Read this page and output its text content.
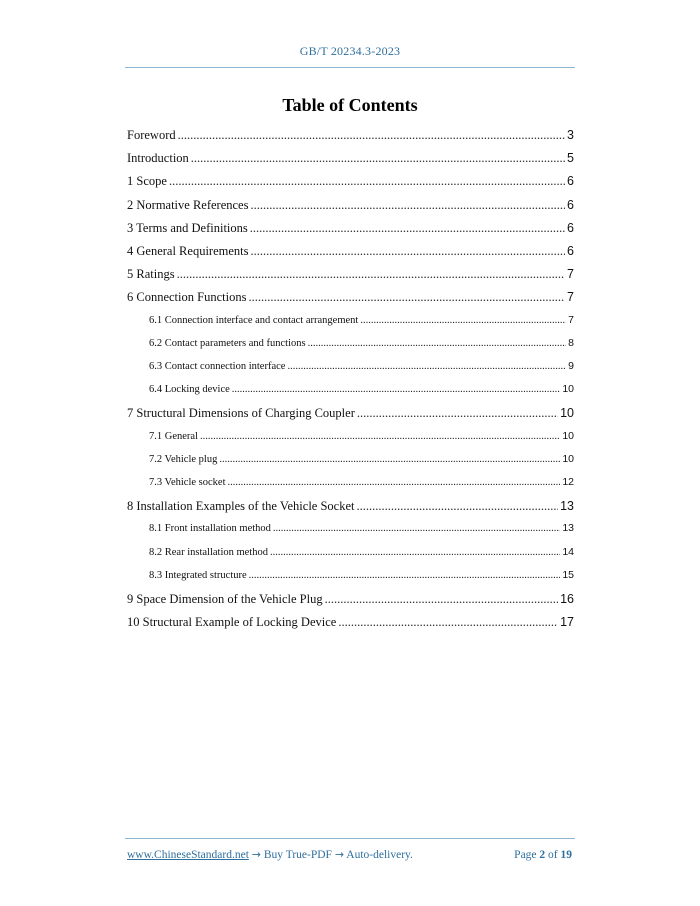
GB/T 20234.3-2023
Table of Contents
Foreword .....	3
Introduction .....	5
1 Scope .....	6
2 Normative References .....	6
3 Terms and Definitions .....	6
4 General Requirements .....	6
5 Ratings .....	7
6 Connection Functions .....	7
6.1 Connection interface and contact arrangement .....	7
6.2 Contact parameters and functions .....	8
6.3 Contact connection interface .....	9
6.4 Locking device .....	10
7 Structural Dimensions of Charging Coupler .....	10
7.1 General .....	10
7.2 Vehicle plug .....	10
7.3 Vehicle socket .....	12
8 Installation Examples of the Vehicle Socket .....	13
8.1 Front installation method .....	13
8.2 Rear installation method .....	14
8.3 Integrated structure .....	15
9 Space Dimension of the Vehicle Plug .....	16
10 Structural Example of Locking Device .....	17
www.ChineseStandard.net → Buy True-PDF → Auto-delivery.	Page 2 of 19
